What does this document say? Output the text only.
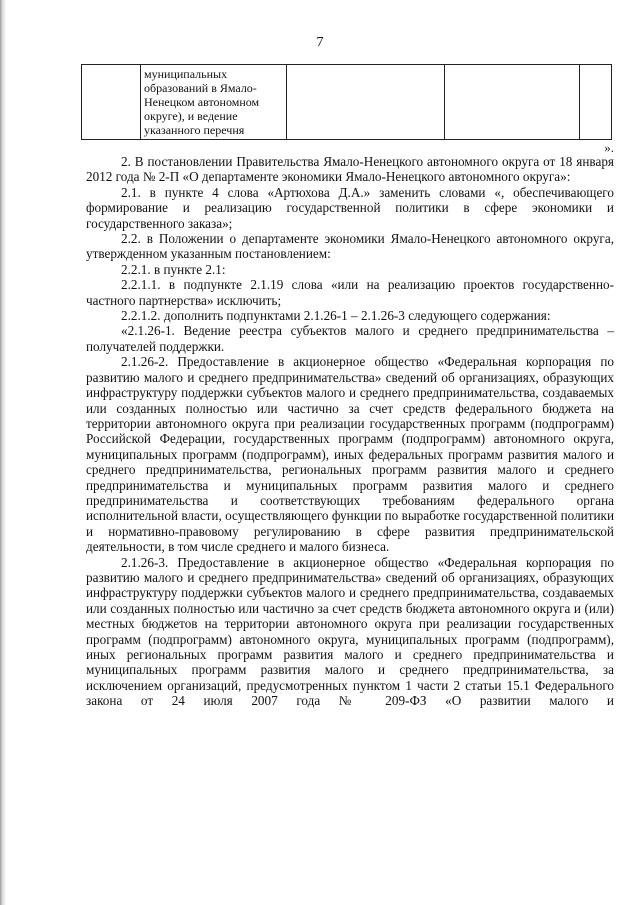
7

муниципальных
образований в Ямало-
Ненецком автономном
округе), и ведение
указанного перечня

».

2. В постановлении Правительства Ямало-Ненецкого автономного округа от 18 января 2012 года № 2-П «О департаменте экономики Ямало-Ненецкого автономного округа»:

2.1. в пункте 4 слова «Артюхова Д.А.» заменить словами «, обеспечивающего формирование и реализацию государственной политики в сфере экономики и государственного заказа»;

2.2. в Положении о департаменте экономики Ямало-Ненецкого автономного округа, утвержденном указанным постановлением:

2.2.1. в пункте 2.1:

2.2.1.1. в подпункте 2.1.19 слова «или на реализацию проектов государственно-частного партнерства» исключить;

2.2.1.2. дополнить подпунктами 2.1.26-1 – 2.1.26-3 следующего содержания:

«2.1.26-1. Ведение реестра субъектов малого и среднего предпринимательства – получателей поддержки.

2.1.26-2. Предоставление в акционерное общество «Федеральная корпорация по развитию малого и среднего предпринимательства» сведений об организациях, образующих инфраструктуру поддержки субъектов малого и среднего предпринимательства, создаваемых или созданных полностью или частично за счет средств федерального бюджета на территории автономного округа при реализации государственных программ (подпрограмм) Российской Федерации, государственных программ (подпрограмм) автономного округа, муниципальных программ (подпрограмм), иных федеральных программ развития малого и среднего предпринимательства, региональных программ развития малого и среднего предпринимательства и муниципальных программ развития малого и среднего предпринимательства и соответствующих требованиям федерального органа исполнительной власти, осуществляющего функции по выработке государственной политики и нормативно-правовому регулированию в сфере развития предпринимательской деятельности, в том числе среднего и малого бизнеса.

2.1.26-3. Предоставление в акционерное общество «Федеральная корпорация по развитию малого и среднего предпринимательства» сведений об организациях, образующих инфраструктуру поддержки субъектов малого и среднего предпринимательства, создаваемых или созданных полностью или частично за счет средств бюджета автономного округа и (или) местных бюджетов на территории автономного округа при реализации государственных программ (подпрограмм) автономного округа, муниципальных программ (подпрограмм), иных региональных программ развития малого и среднего предпринимательства и муниципальных программ развития малого и среднего предпринимательства, за исключением организаций, предусмотренных пунктом 1 части 2 статьи 15.1 Федерального закона от 24 июля 2007 года № 209-ФЗ «О развитии малого и
